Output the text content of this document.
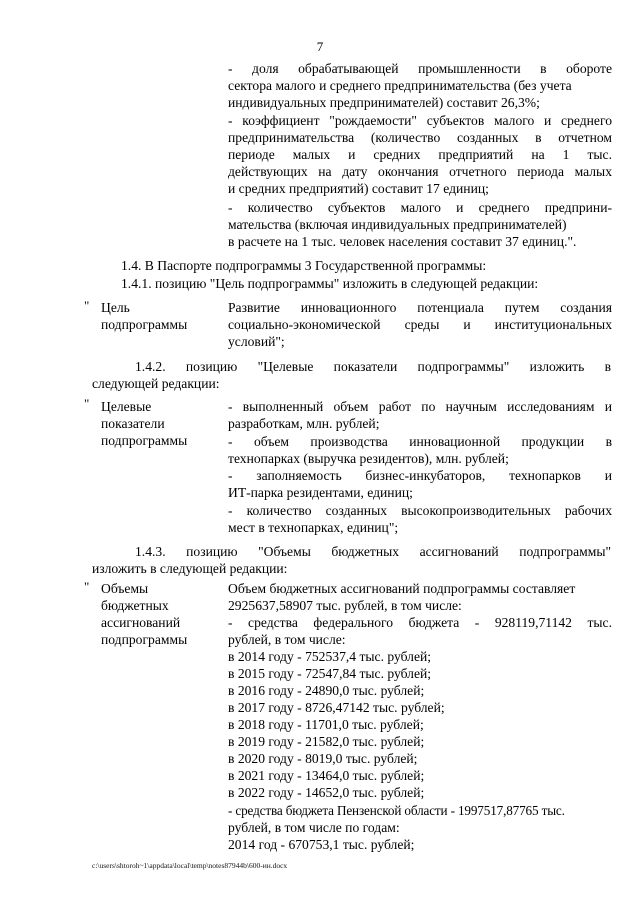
7
- доля обрабатывающей промышленности в обороте
сектора малого и среднего предпринимательства (без учета
индивидуальных предпринимателей) составит 26,3%;
- коэффициент "рождаемости" субъектов малого и среднего
предпринимательства (количество созданных в отчетном
периоде малых и средних предприятий на 1 тыс.
действующих на дату окончания отчетного периода малых
и средних предприятий) составит 17 единиц;
- количество субъектов малого и среднего предприни-
мательства (включая индивидуальных предпринимателей)
в расчете на 1 тыс. человек населения составит 37 единиц.".
1.4. В Паспорте подпрограммы 3 Государственной программы:
1.4.1. позицию "Цель подпрограммы" изложить в следующей редакции:
" Цель
подпрограммы
Развитие инновационного потенциала путем создания
социально-экономической среды и институциональных
условий";
1.4.2. позицию "Целевые показатели подпрограммы" изложить в
следующей редакции:
" Целевые
показатели
подпрограммы
- выполненный объем работ по научным исследованиям и
разработкам, млн. рублей;
- объем производства инновационной продукции в
технопарках (выручка резидентов), млн. рублей;
- заполняемость бизнес-инкубаторов, технопарков и
ИТ-парка резидентами, единиц;
- количество созданных высокопроизводительных рабочих
мест в технопарках, единиц";
1.4.3. позицию "Объемы бюджетных ассигнований подпрограммы"
изложить в следующей редакции:
" Объемы
бюджетных
ассигнований
подпрограммы
Объем бюджетных ассигнований подпрограммы составляет
2925637,58907 тыс. рублей, в том числе:
- средства федерального бюджета - 928119,71142 тыс.
рублей, в том числе:
в 2014 году - 752537,4 тыс. рублей;
в 2015 году - 72547,84 тыс. рублей;
в 2016 году - 24890,0 тыс. рублей;
в 2017 году - 8726,47142 тыс. рублей;
в 2018 году - 11701,0 тыс. рублей;
в 2019 году - 21582,0 тыс. рублей;
в 2020 году - 8019,0 тыс. рублей;
в 2021 году - 13464,0 тыс. рублей;
в 2022 году - 14652,0 тыс. рублей;
- средства бюджета Пензенской области - 1997517,87765 тыс.
рублей, в том числе по годам:
2014 год - 670753,1 тыс. рублей;
c:\users\shtoroh~1\appdata\local\temp\notes87944b\600-ин.docx
